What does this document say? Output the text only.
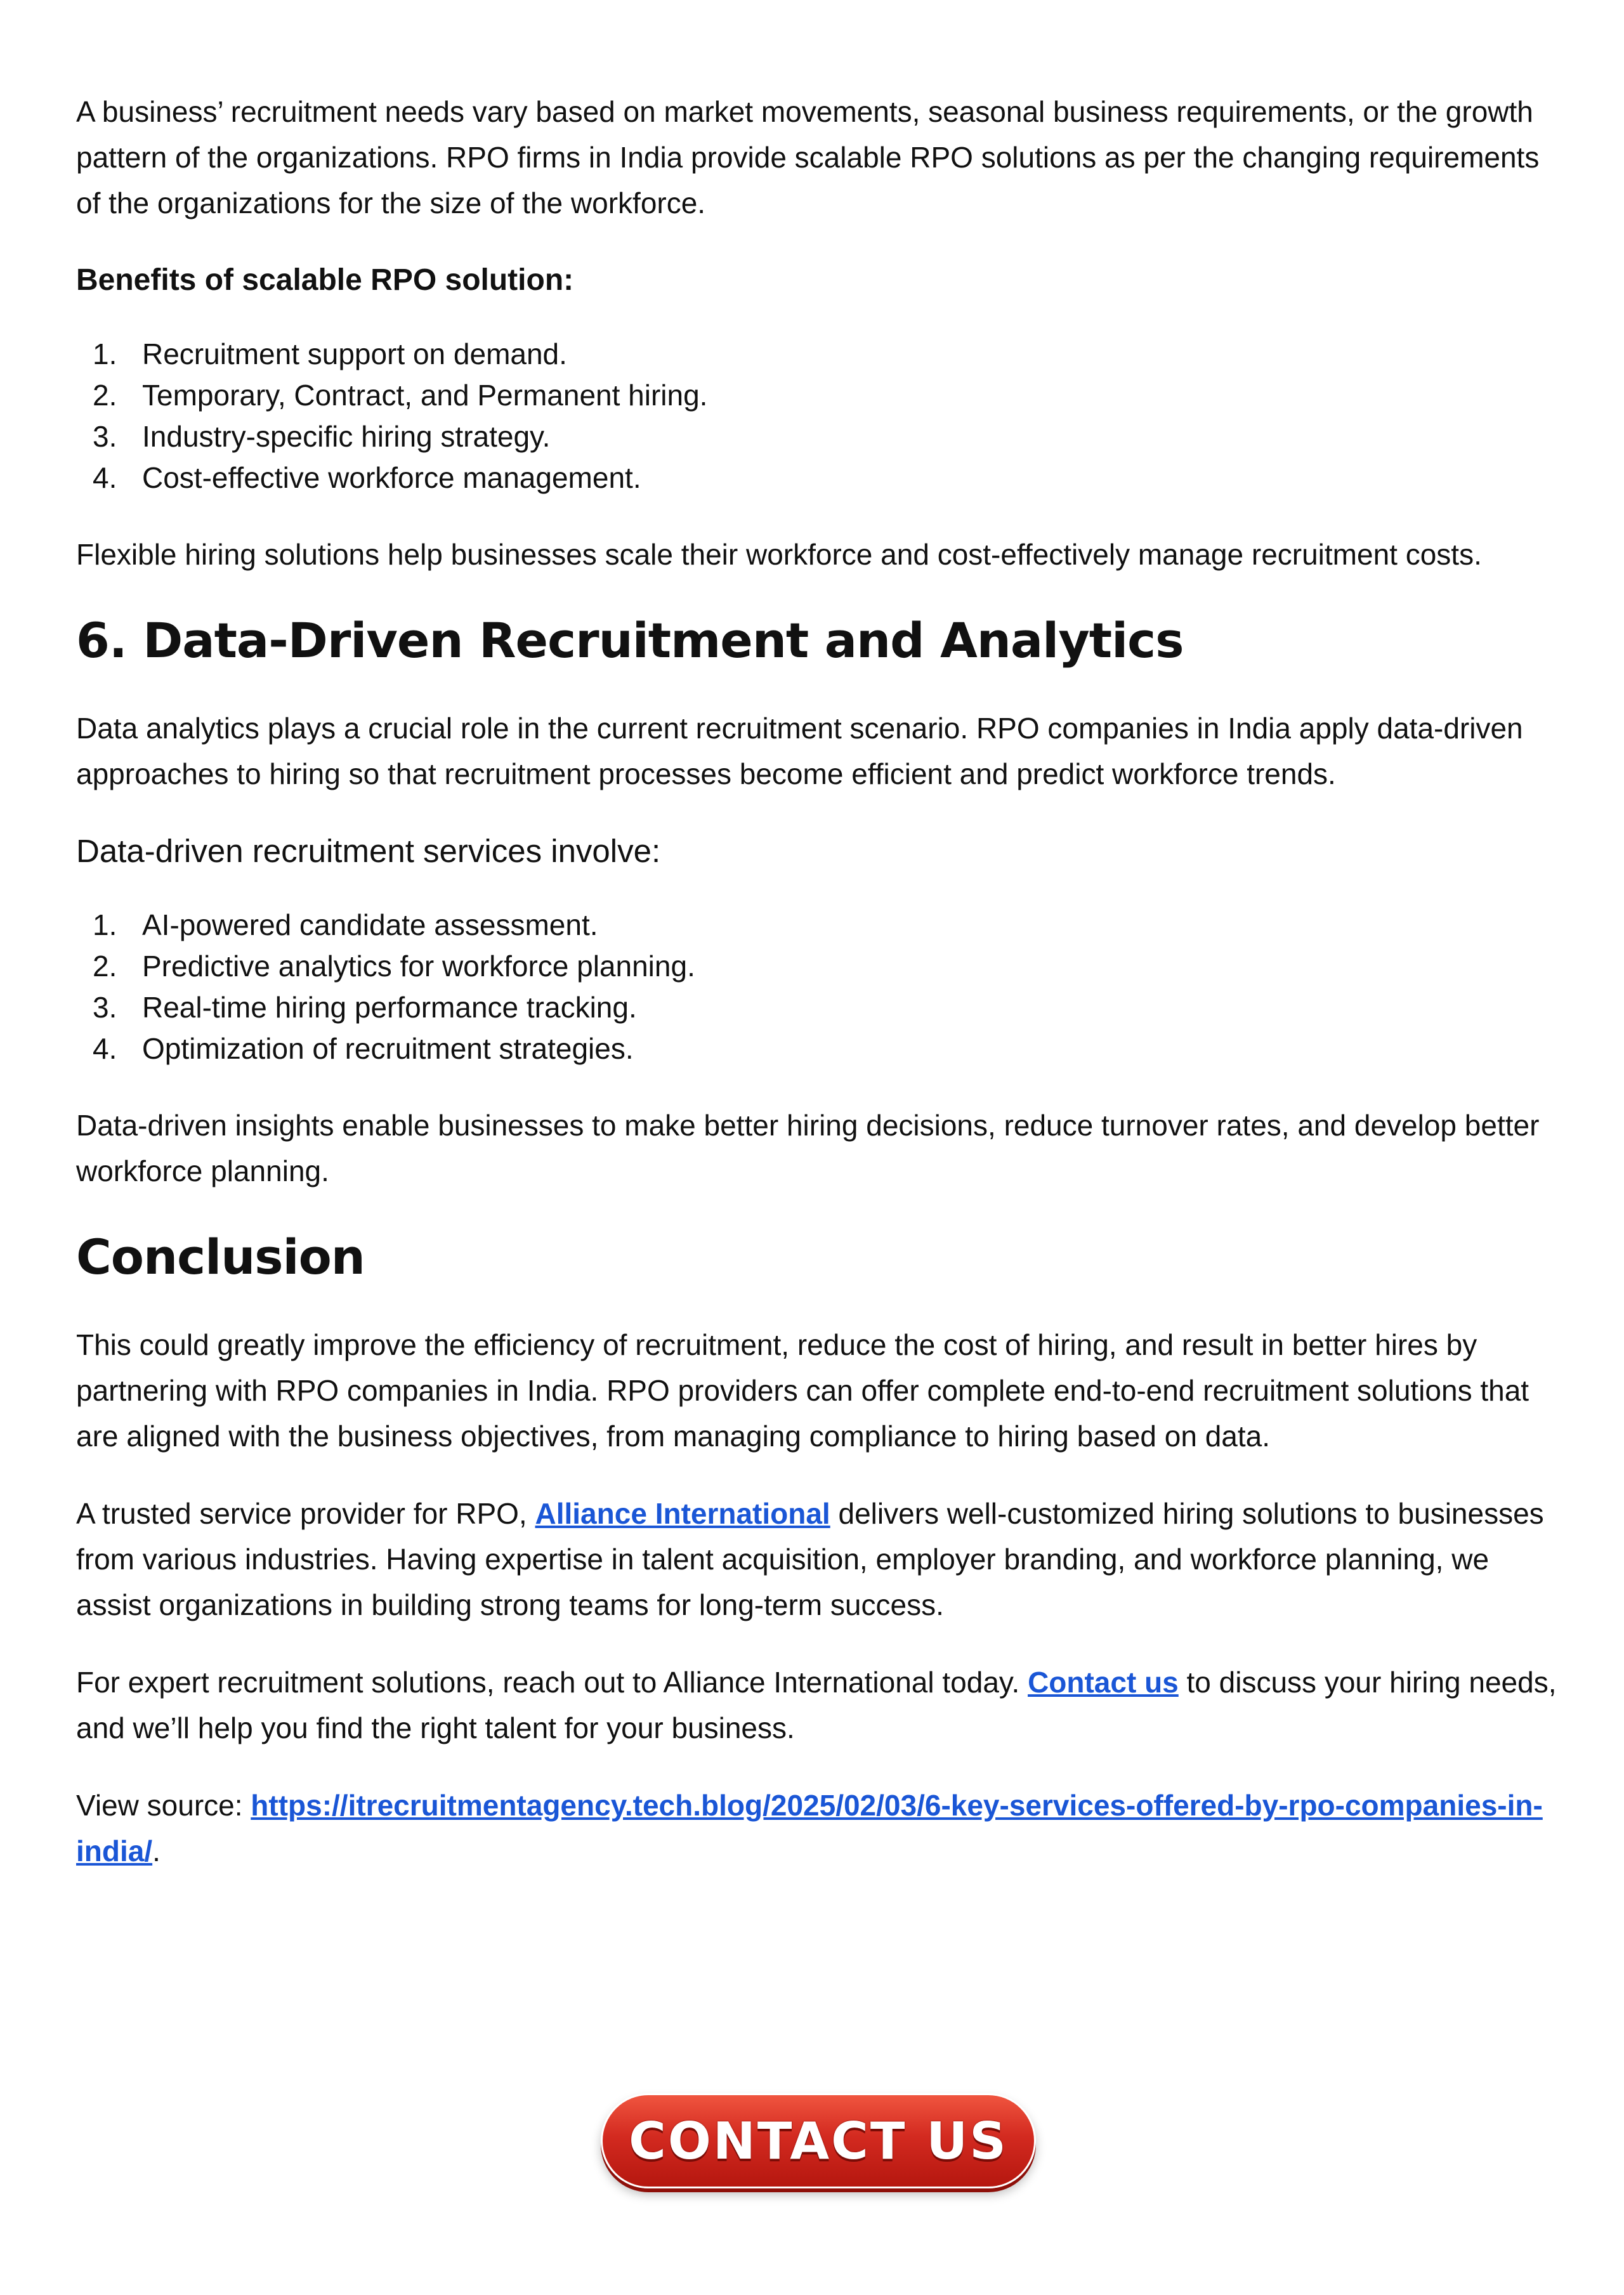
A business’ recruitment needs vary based on market movements, seasonal business requirements, or the growth pattern of the organizations. RPO firms in India provide scalable RPO solutions as per the changing requirements of the organizations for the size of the workforce.

Benefits of scalable RPO solution:
1. Recruitment support on demand.
2. Temporary, Contract, and Permanent hiring.
3. Industry-specific hiring strategy.
4. Cost-effective workforce management.

Flexible hiring solutions help businesses scale their workforce and cost-effectively manage recruitment costs.

6. Data-Driven Recruitment and Analytics

Data analytics plays a crucial role in the current recruitment scenario. RPO companies in India apply data-driven approaches to hiring so that recruitment processes become efficient and predict workforce trends.

Data-driven recruitment services involve:
1. AI-powered candidate assessment.
2. Predictive analytics for workforce planning.
3. Real-time hiring performance tracking.
4. Optimization of recruitment strategies.

Data-driven insights enable businesses to make better hiring decisions, reduce turnover rates, and develop better workforce planning.

Conclusion

This could greatly improve the efficiency of recruitment, reduce the cost of hiring, and result in better hires by partnering with RPO companies in India. RPO providers can offer complete end-to-end recruitment solutions that are aligned with the business objectives, from managing compliance to hiring based on data.

A trusted service provider for RPO, Alliance International delivers well-customized hiring solutions to businesses from various industries. Having expertise in talent acquisition, employer branding, and workforce planning, we assist organizations in building strong teams for long-term success.

For expert recruitment solutions, reach out to Alliance International today. Contact us to discuss your hiring needs, and we’ll help you find the right talent for your business.

View source: https://itrecruitmentagency.tech.blog/2025/02/03/6-key-services-offered-by-rpo-companies-in-india/.

CONTACT US
